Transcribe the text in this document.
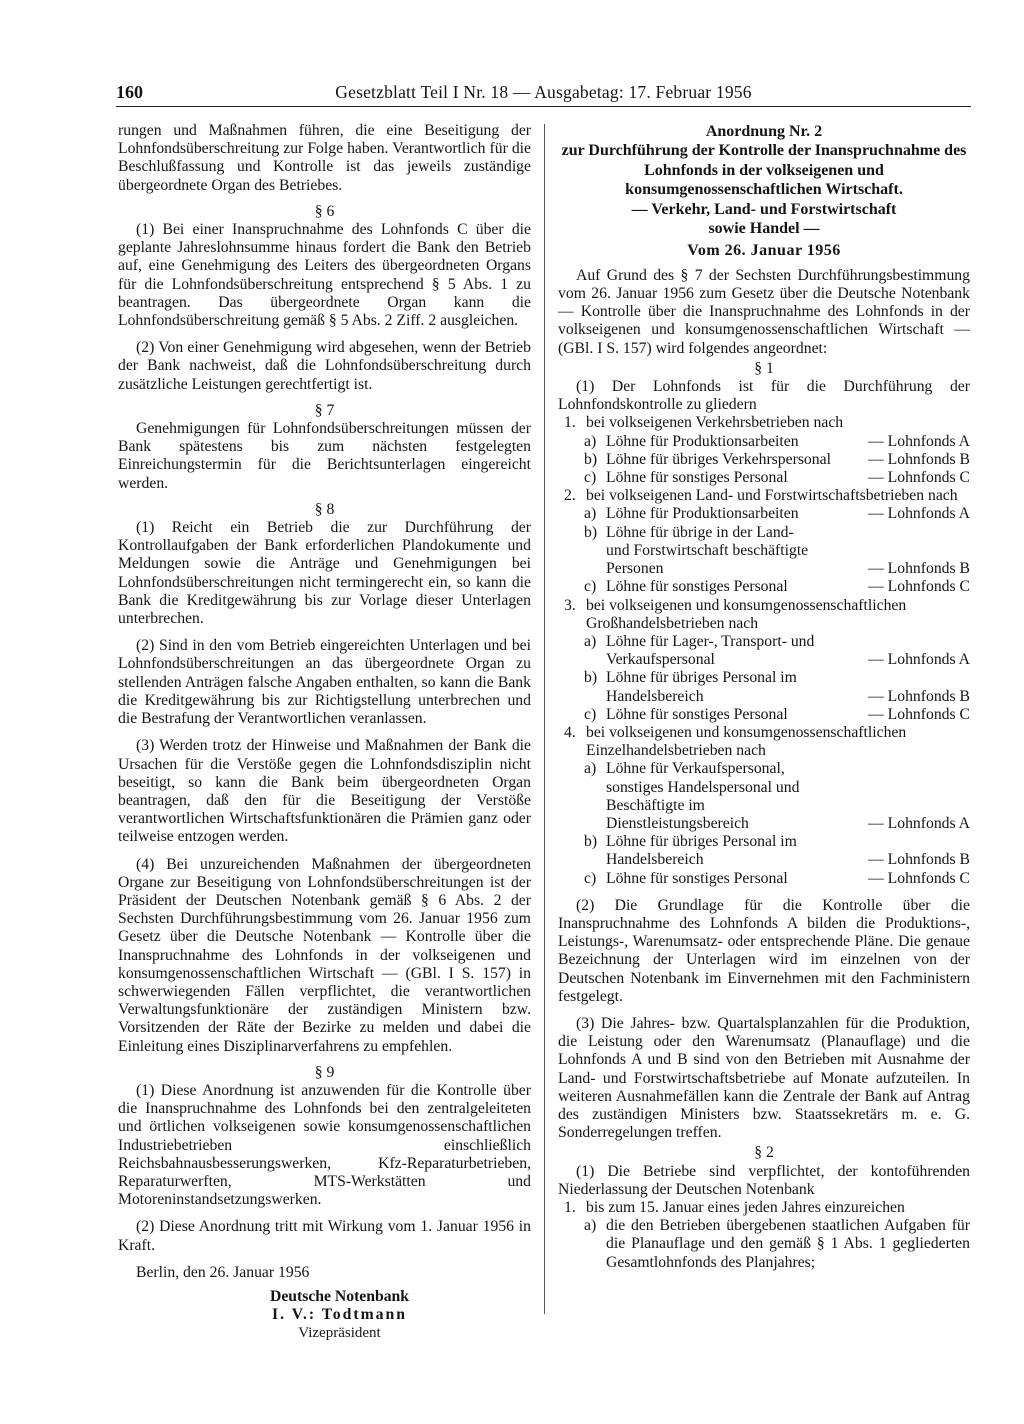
160	Gesetzblatt Teil I Nr. 18 — Ausgabetag: 17. Februar 1956

rungen und Maßnahmen führen, die eine Beseitigung der Lohnfondsüberschreitung zur Folge haben. Verantwortlich für die Beschlußfassung und Kontrolle ist das jeweils zuständige übergeordnete Organ des Betriebes.

§ 6

(1) Bei einer Inanspruchnahme des Lohnfonds C über die geplante Jahreslohnsumme hinaus fordert die Bank den Betrieb auf, eine Genehmigung des Leiters des übergeordneten Organs für die Lohnfondsüberschreitung entsprechend § 5 Abs. 1 zu beantragen. Das übergeordnete Organ kann die Lohnfondsüberschreitung gemäß § 5 Abs. 2 Ziff. 2 ausgleichen.

(2) Von einer Genehmigung wird abgesehen, wenn der Betrieb der Bank nachweist, daß die Lohnfondsüberschreitung durch zusätzliche Leistungen gerechtfertigt ist.

§ 7

Genehmigungen für Lohnfondsüberschreitungen müssen der Bank spätestens bis zum nächsten festgelegten Einreichungstermin für die Berichtsunterlagen eingereicht werden.

§ 8

(1) Reicht ein Betrieb die zur Durchführung der Kontrollaufgaben der Bank erforderlichen Plandokumente und Meldungen sowie die Anträge und Genehmigungen bei Lohnfondsüberschreitungen nicht termingerecht ein, so kann die Bank die Kreditgewährung bis zur Vorlage dieser Unterlagen unterbrechen.

(2) Sind in den vom Betrieb eingereichten Unterlagen und bei Lohnfondsüberschreitungen an das übergeordnete Organ zu stellenden Anträgen falsche Angaben enthalten, so kann die Bank die Kreditgewährung bis zur Richtigstellung unterbrechen und die Bestrafung der Verantwortlichen veranlassen.

(3) Werden trotz der Hinweise und Maßnahmen der Bank die Ursachen für die Verstöße gegen die Lohnfondsdisziplin nicht beseitigt, so kann die Bank beim übergeordneten Organ beantragen, daß den für die Beseitigung der Verstöße verantwortlichen Wirtschaftsfunktionären die Prämien ganz oder teilweise entzogen werden.

(4) Bei unzureichenden Maßnahmen der übergeordneten Organe zur Beseitigung von Lohnfondsüberschreitungen ist der Präsident der Deutschen Notenbank gemäß § 6 Abs. 2 der Sechsten Durchführungsbestimmung vom 26. Januar 1956 zum Gesetz über die Deutsche Notenbank — Kontrolle über die Inanspruchnahme des Lohnfonds in der volkseigenen und konsumgenossenschaftlichen Wirtschaft — (GBl. I S. 157) in schwerwiegenden Fällen verpflichtet, die verantwortlichen Verwaltungsfunktionäre der zuständigen Ministern bzw. Vorsitzenden der Räte der Bezirke zu melden und dabei die Einleitung eines Disziplinarverfahrens zu empfehlen.

§ 9

(1) Diese Anordnung ist anzuwenden für die Kontrolle über die Inanspruchnahme des Lohnfonds bei den zentralgeleiteten und örtlichen volkseigenen sowie konsumgenossenschaftlichen Industriebetrieben einschließlich Reichsbahnausbesserungswerken, Kfz-Reparaturbetrieben, Reparaturwerften, MTS-Werkstätten und Motoreninstandsetzungswerken.

(2) Diese Anordnung tritt mit Wirkung vom 1. Januar 1956 in Kraft.

Berlin, den 26. Januar 1956

Deutsche Notenbank
I. V.: Todtmann
Vizepräsident
Anordnung Nr. 2
zur Durchführung der Kontrolle der Inanspruchnahme des Lohnfonds in der volkseigenen und konsumgenossenschaftlichen Wirtschaft.
— Verkehr, Land- und Forstwirtschaft
sowie Handel —
Vom 26. Januar 1956

Auf Grund des § 7 der Sechsten Durchführungsbestimmung vom 26. Januar 1956 zum Gesetz über die Deutsche Notenbank — Kontrolle über die Inanspruchnahme des Lohnfonds in der volkseigenen und konsumgenossenschaftlichen Wirtschaft — (GBl. I S. 157) wird folgendes angeordnet:

§ 1

(1) Der Lohnfonds ist für die Durchführung der Lohnfondskontrolle zu gliedern

1. bei volkseigenen Verkehrsbetrieben nach
a) Löhne für Produktionsarbeiten	— Lohnfonds A
b) Löhne für übriges Verkehrspersonal	— Lohnfonds B
c) Löhne für sonstiges Personal	— Lohnfonds C
2. bei volkseigenen Land- und Forstwirtschaftsbetrieben nach
a) Löhne für Produktionsarbeiten	— Lohnfonds A
b) Löhne für übrige in der Land- und Forstwirtschaft beschäftigte Personen	— Lohnfonds B
c) Löhne für sonstiges Personal	— Lohnfonds C
3. bei volkseigenen und konsumgenossenschaftlichen Großhandelsbetrieben nach
a) Löhne für Lager-, Transport- und Verkaufspersonal	— Lohnfonds A
b) Löhne für übriges Personal im Handelsbereich	— Lohnfonds B
c) Löhne für sonstiges Personal	— Lohnfonds C
4. bei volkseigenen und konsumgenossenschaftlichen Einzelhandelsbetrieben nach
a) Löhne für Verkaufspersonal, sonstiges Handelspersonal und Beschäftigte im Dienstleistungsbereich	— Lohnfonds A
b) Löhne für übriges Personal im Handelsbereich	— Lohnfonds B
c) Löhne für sonstiges Personal	— Lohnfonds C

(2) Die Grundlage für die Kontrolle über die Inanspruchnahme des Lohnfonds A bilden die Produktions-, Leistungs-, Warenumsatz- oder entsprechende Pläne. Die genaue Bezeichnung der Unterlagen wird im einzelnen von der Deutschen Notenbank im Einvernehmen mit den Fachministern festgelegt.

(3) Die Jahres- bzw. Quartalsplanzahlen für die Produktion, die Leistung oder den Warenumsatz (Planauflage) und die Lohnfonds A und B sind von den Betrieben mit Ausnahme der Land- und Forstwirtschaftsbetriebe auf Monate aufzuteilen. In weiteren Ausnahmefällen kann die Zentrale der Bank auf Antrag des zuständigen Ministers bzw. Staatssekretärs m. e. G. Sonderregelungen treffen.

§ 2

(1) Die Betriebe sind verpflichtet, der kontoführenden Niederlassung der Deutschen Notenbank

1. bis zum 15. Januar eines jeden Jahres einzureichen
a) die den Betrieben übergebenen staatlichen Aufgaben für die Planauflage und den gemäß § 1 Abs. 1 gegliederten Gesamtlohnfonds des Planjahres;
